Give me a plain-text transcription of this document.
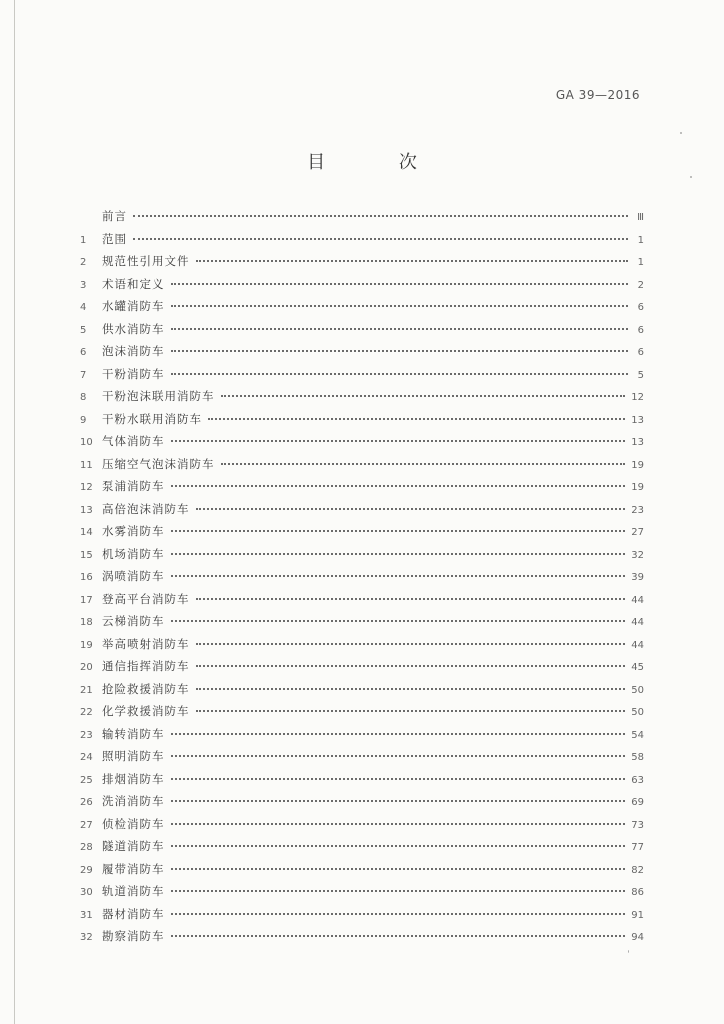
GA 39—2016
目 次
前言	Ⅲ
1	范围	1
2	规范性引用文件	1
3	术语和定义	2
4	水罐消防车	6
5	供水消防车	6
6	泡沫消防车	6
7	干粉消防车	5
8	干粉泡沫联用消防车	12
9	干粉水联用消防车	13
10 气体消防车	13
11 压缩空气泡沫消防车	19
12 泵浦消防车	19
13 高倍泡沫消防车	23
14 水雾消防车	27
15 机场消防车	32
16 涡喷消防车	39
17 登高平台消防车	44
18 云梯消防车	44
19 举高喷射消防车	44
20 通信指挥消防车	45
21 抢险救援消防车	50
22 化学救援消防车	50
23 输转消防车	54
24 照明消防车	58
25 排烟消防车	63
26 洗消消防车	69
27 侦检消防车	73
28 隧道消防车	77
29 履带消防车	82
30 轨道消防车	86
31 器材消防车	91
32 勘察消防车	94
